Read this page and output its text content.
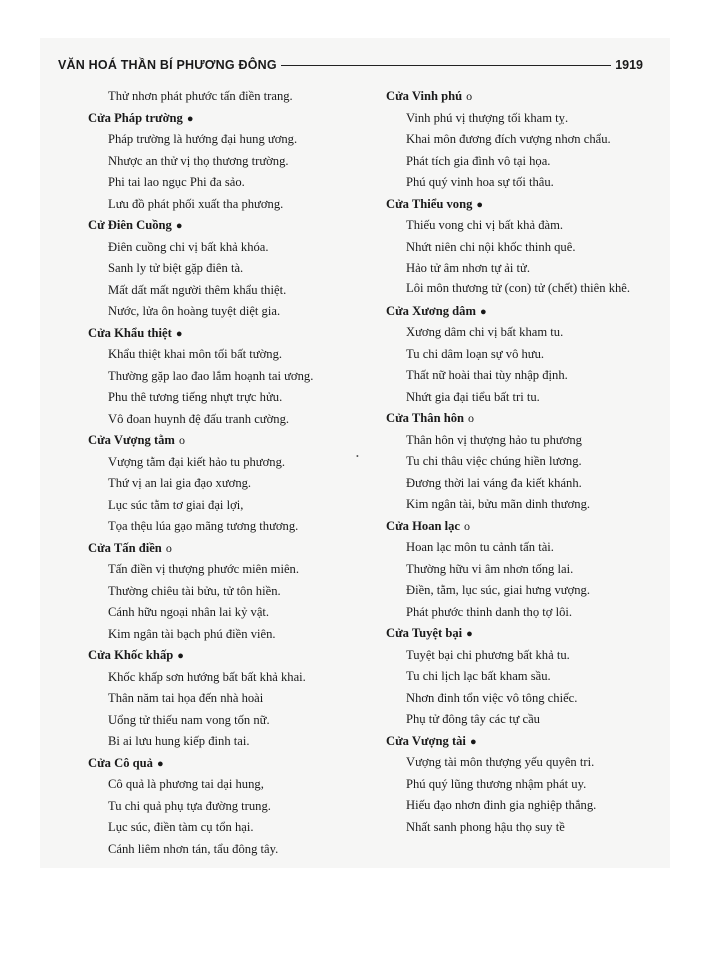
VĂN HOÁ THẦN BÍ PHƯƠNG ĐÔNG	1919
Thử nhơn phát phước tấn điền trang.
Cửa Pháp trường ●
Pháp trường là hướng đại hung ương.
Nhược an thử vị thọ thương trường.
Phi tai lao ngục Phi đa sảo.
Lưu đồ phát phối xuất tha phương.
Cử Điên Cuồng ●
Điên cuồng chi vị bất khả khóa.
Sanh ly tử biệt gặp điên tà.
Mất dất mất người thêm khẩu thiệt.
Nước, lửa ôn hoàng tuyệt diệt gia.
Cửa Khẩu thiệt ●
Khẩu thiệt khai môn tối bất tường.
Thường gặp lao đao lắm hoạnh tai ương.
Phu thê tương tiếng nhựt trực hửu.
Vô đoan huynh đệ đấu tranh cường.
Cửa Vượng tằm o
Vượng tằm đại kiết hảo tu phương.
Thứ vị an lai gia đạo xương.
Lục súc tằm tơ giai đại lợi,
Tọa thệu lúa gạo mãng tương thương.
Cửa Tấn điền o
Tấn điền vị thượng phước miên miên.
Thường chiêu tài bửu, tử tôn hiền.
Cánh hữu ngoại nhân lai kỷ vật.
Kim ngân tài bạch phú điền viên.
Cửa Khốc khấp ●
Khốc khấp sơn hướng bất bất khả khai.
Thân năm tai họa đến nhà hoài
Uổng tử thiếu nam vong tốn nữ.
Bi ai lưu hung kiếp đinh tai.
Cửa Cô quả ●
Cô quả là phương tai dại hung,
Tu chi quả phụ tựa đường trung.
Lục súc, điền tàm cụ tổn hại.
Cánh liêm nhơn tán, tẩu đông tây.
Cửa Vinh phú o
Vinh phú vị thượng tối kham tỵ.
Khai môn đương đích vượng nhơn chẩu.
Phát tích gia đình vô tại họa.
Phú quý vinh hoa sự tối thâu.
Cửa Thiểu vong ●
Thiếu vong chi vị bất khả đàm.
Nhứt niên chi nội khốc thinh quê.
Hảo tử âm nhơn tự ải tử.
Lôi môn thương tử (con) tử (chết) thiên khê.
Cửa Xương dâm ●
Xương dâm chi vị bất kham tu.
Tu chi dâm loạn sự vô hưu.
Thất nữ hoài thai tùy nhập định.
Nhứt gia đại tiểu bất tri tu.
Cửa Thân hôn o
Thân hôn vị thượng hảo tu phương
Tu chi thâu việc chúng hiền lương.
Đương thời lai váng đa kiết khánh.
Kim ngân tài, bửu mãn dinh thương.
Cửa Hoan lạc o
Hoan lạc môn tu cảnh tấn tài.
Thường hữu vi âm nhơn tống lai.
Điền, tằm, lục súc, giai hưng vượng.
Phát phước thinh danh thọ tợ lôi.
Cửa Tuyệt bại ●
Tuyệt bại chi phương bất khả tu.
Tu chi lịch lạc bất kham sầu.
Nhơn đinh tổn việc vô tông chiếc.
Phụ tử đông tây các tự cầu
Cửa Vượng tài ●
Vượng tài môn thượng yếu quyên tri.
Phú quý lũng thương nhậm phát uy.
Hiếu đạo nhơn đinh gia nghiệp thắng.
Nhất sanh phong hậu thọ suy tề
•
